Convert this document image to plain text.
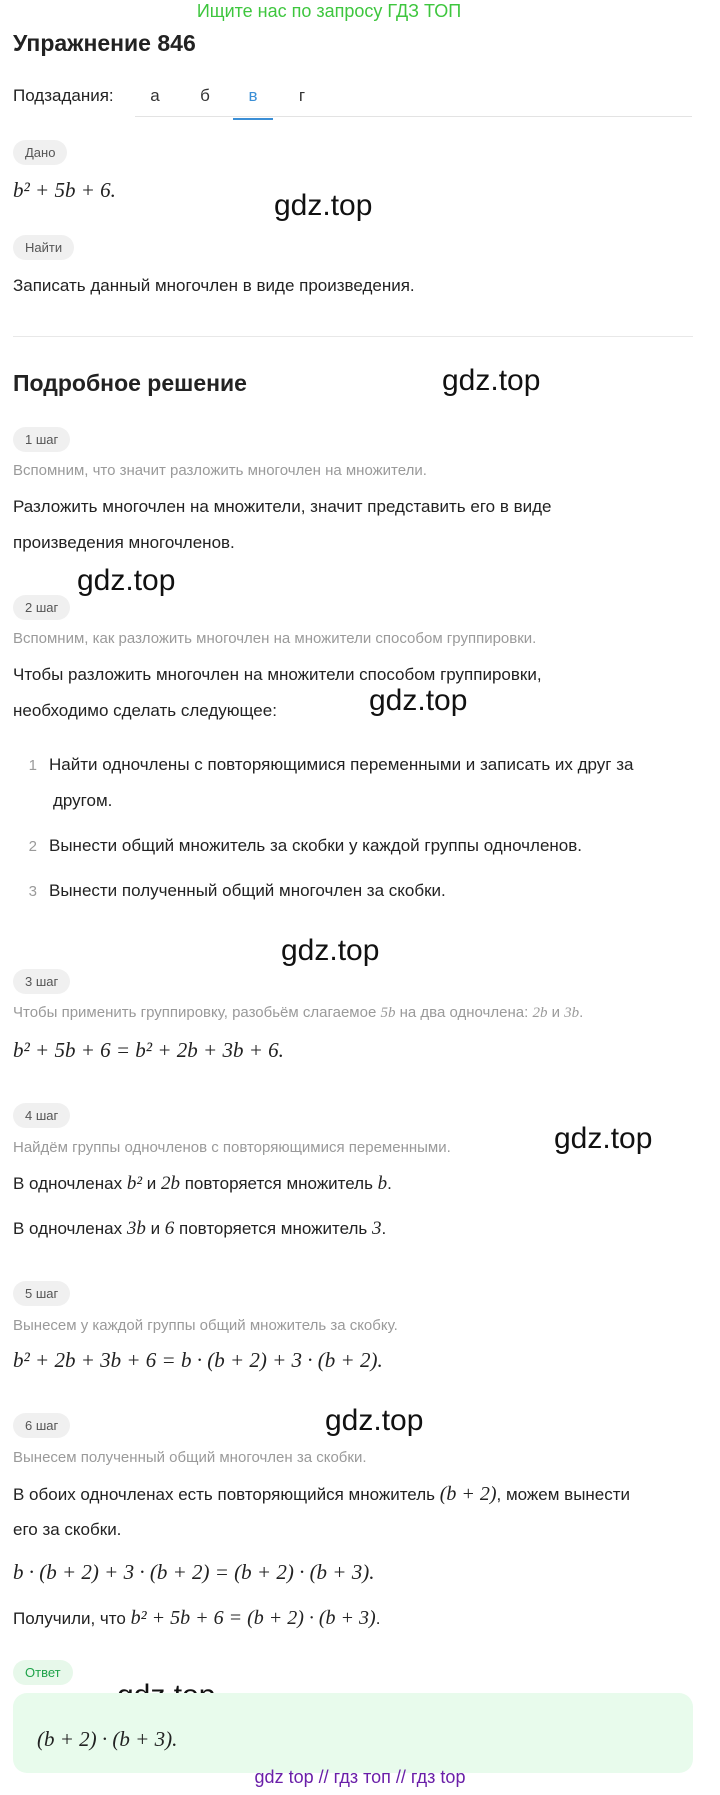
Ищите нас по запросу ГДЗ ТОП
Упражнение 846
Подзадания:	а	б	в	г
Дано
b² + 5b + 6.	gdz.top
Найти
Записать данный многочлен в виде произведения.
Подробное решение	gdz.top
1 шаг
Вспомним, что значит разложить многочлен на множители.
Разложить многочлен на множители, значит представить его в виде
произведения многочленов.
gdz.top
2 шаг
Вспомним, как разложить многочлен на множители способом группировки.
Чтобы разложить многочлен на множители способом группировки,
необходимо сделать следующее:	gdz.top
1 Найти одночлены с повторяющимися переменными и записать их друг за
другом.
2 Вынести общий множитель за скобки у каждой группы одночленов.
3 Вынести полученный общий многочлен за скобки.
gdz.top
3 шаг
Чтобы применить группировку, разобьём слагаемое 5b на два одночлена: 2b и 3b.
b² + 5b + 6 = b² + 2b + 3b + 6.
4 шаг
Найдём группы одночленов с повторяющимися переменными.	gdz.top
В одночленах b² и 2b повторяется множитель b.
В одночленах 3b и 6 повторяется множитель 3.
5 шаг
Вынесем у каждой группы общий множитель за скобку.
b² + 2b + 3b + 6 = b · (b + 2) + 3 · (b + 2).
6 шаг	gdz.top
Вынесем полученный общий многочлен за скобки.
В обоих одночленах есть повторяющийся множитель (b + 2), можем вынести
его за скобки.
b · (b + 2) + 3 · (b + 2) = (b + 2) · (b + 3).
Получили, что b² + 5b + 6 = (b + 2) · (b + 3).
Ответ
(b + 2) · (b + 3).
gdz top // гдз топ // гдз top
